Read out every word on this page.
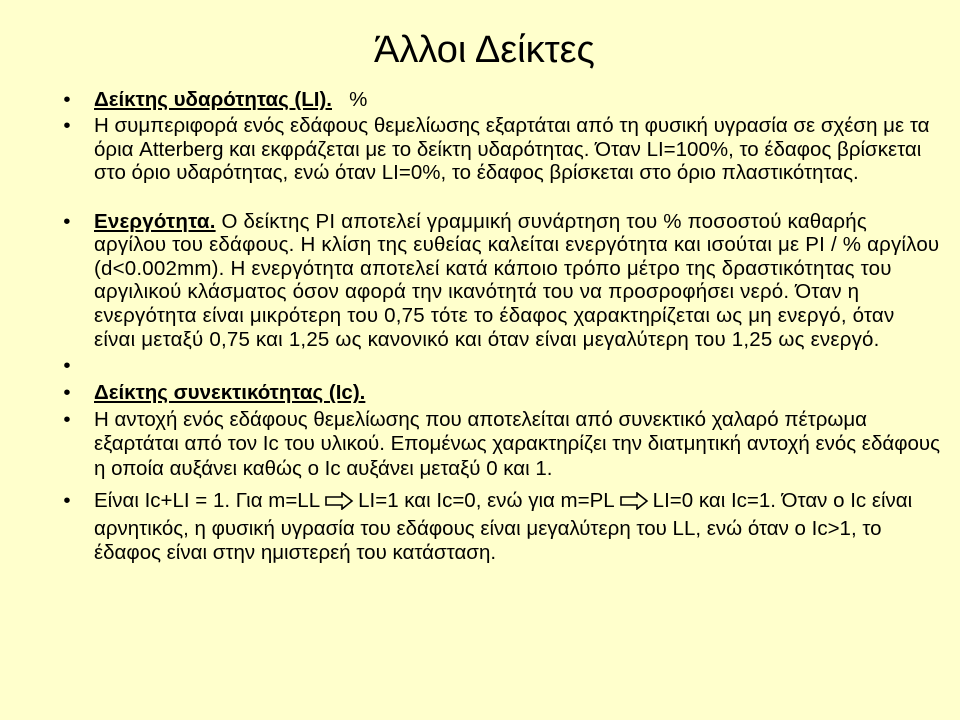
Άλλοι Δείκτες
• Δείκτης υδαρότητας (LI).   %
• Η συμπεριφορά ενός εδάφους θεμελίωσης εξαρτάται από τη φυσική υγρασία σε σχέση με τα όρια Atterberg και εκφράζεται με το δείκτη υδαρότητας. Όταν LI=100%, το έδαφος βρίσκεται στο όριο υδαρότητας, ενώ όταν LI=0%, το έδαφος βρίσκεται στο όριο πλαστικότητας.
• Ενεργότητα. Ο δείκτης PI αποτελεί γραμμική συνάρτηση του % ποσοστού καθαρής αργίλου του εδάφους. Η κλίση της ευθείας καλείται ενεργότητα και ισούται με PI / % αργίλου (d<0.002mm). Η ενεργότητα αποτελεί κατά κάποιο τρόπο μέτρο της δραστικότητας του αργιλικού κλάσματος όσον αφορά την ικανότητά του να προσροφήσει νερό. Όταν η ενεργότητα είναι μικρότερη του 0,75 τότε το έδαφος χαρακτηρίζεται ως μη ενεργό, όταν είναι μεταξύ 0,75 και 1,25 ως κανονικό και όταν είναι μεγαλύτερη του 1,25 ως ενεργό.
•
• Δείκτης συνεκτικότητας (Ic).
• Η αντοχή ενός εδάφους θεμελίωσης που αποτελείται από συνεκτικό χαλαρό πέτρωμα εξαρτάται από τον Ic του υλικού. Επομένως χαρακτηρίζει την διατμητική αντοχή ενός εδάφους η οποία αυξάνει καθώς ο Ic αυξάνει μεταξύ 0 και 1.
• Είναι Ic+LI = 1. Για m=LL LI=1 και Ic=0, ενώ για m=PL LI=0 και Ic=1. Όταν ο Ic είναι αρνητικός, η φυσική υγρασία του εδάφους είναι μεγαλύτερη του LL, ενώ όταν ο Ic>1, το έδαφος είναι στην ημιστερεή του κατάσταση.
